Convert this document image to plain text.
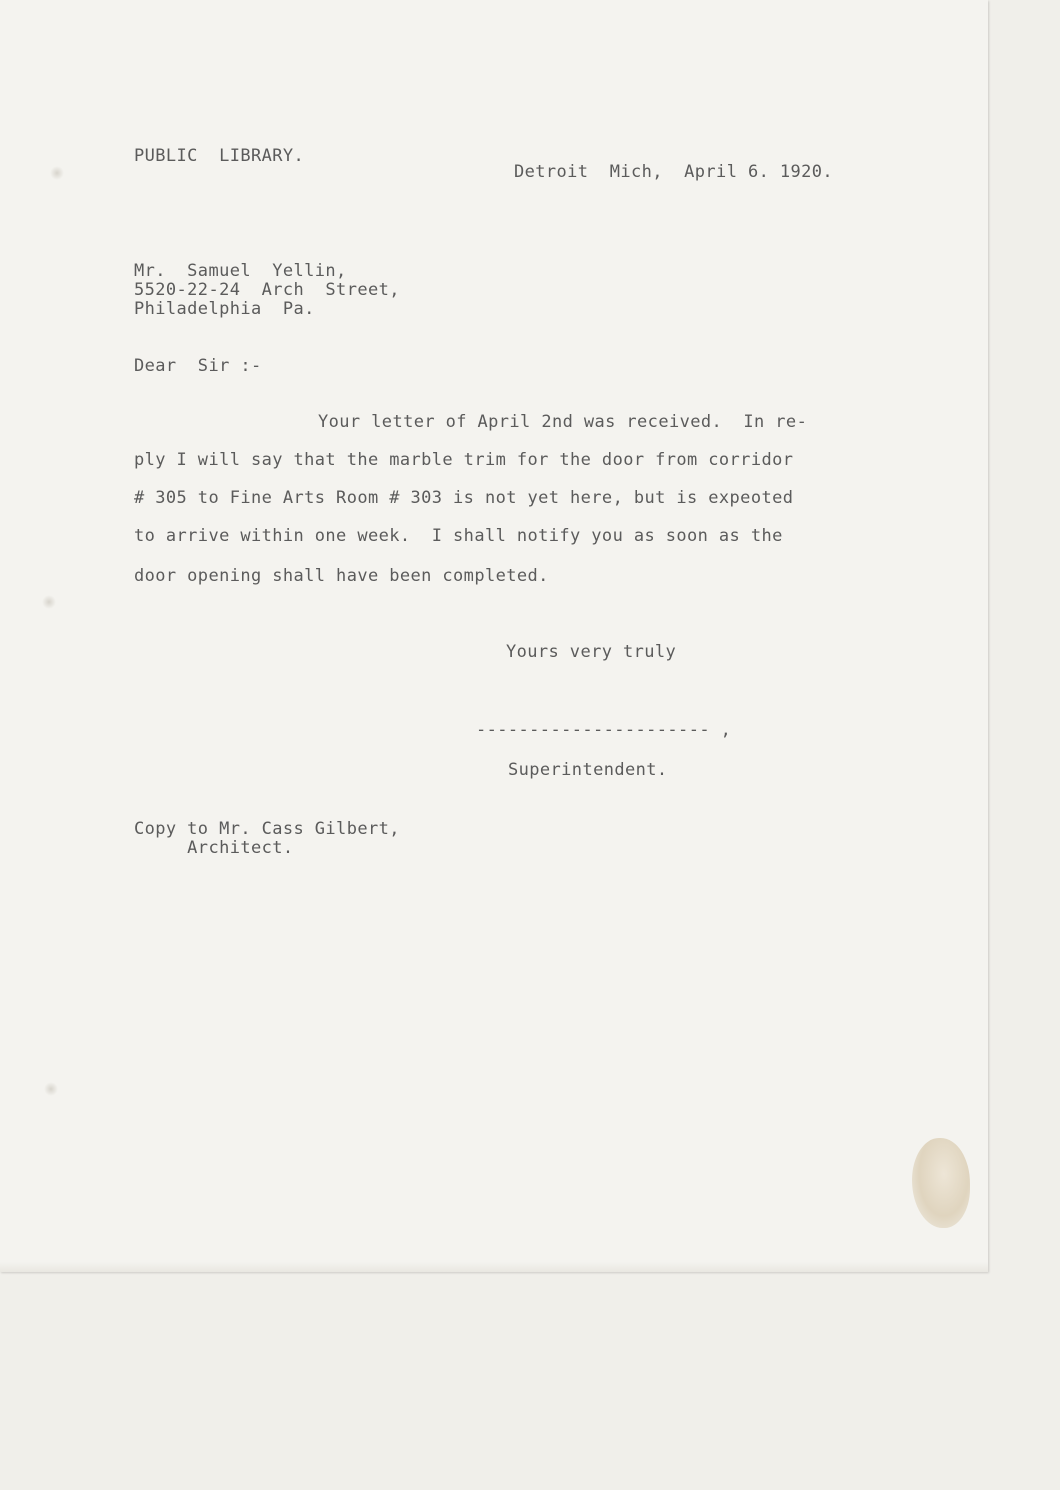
PUBLIC  LIBRARY.

Detroit  Mich,  April 6. 1920.

Mr.  Samuel  Yellin,
5520-22-24  Arch  Street,
Philadelphia  Pa.

Dear  Sir :-

Your letter of April 2nd was received.  In re-

ply I will say that the marble trim for the door from corridor

# 305 to Fine Arts Room # 303 is not yet here, but is expeoted

to arrive within one week.  I shall notify you as soon as the

door opening shall have been completed.

Yours very truly

---------------------- ,

Superintendent.

Copy to Mr. Cass Gilbert,
Architect.
